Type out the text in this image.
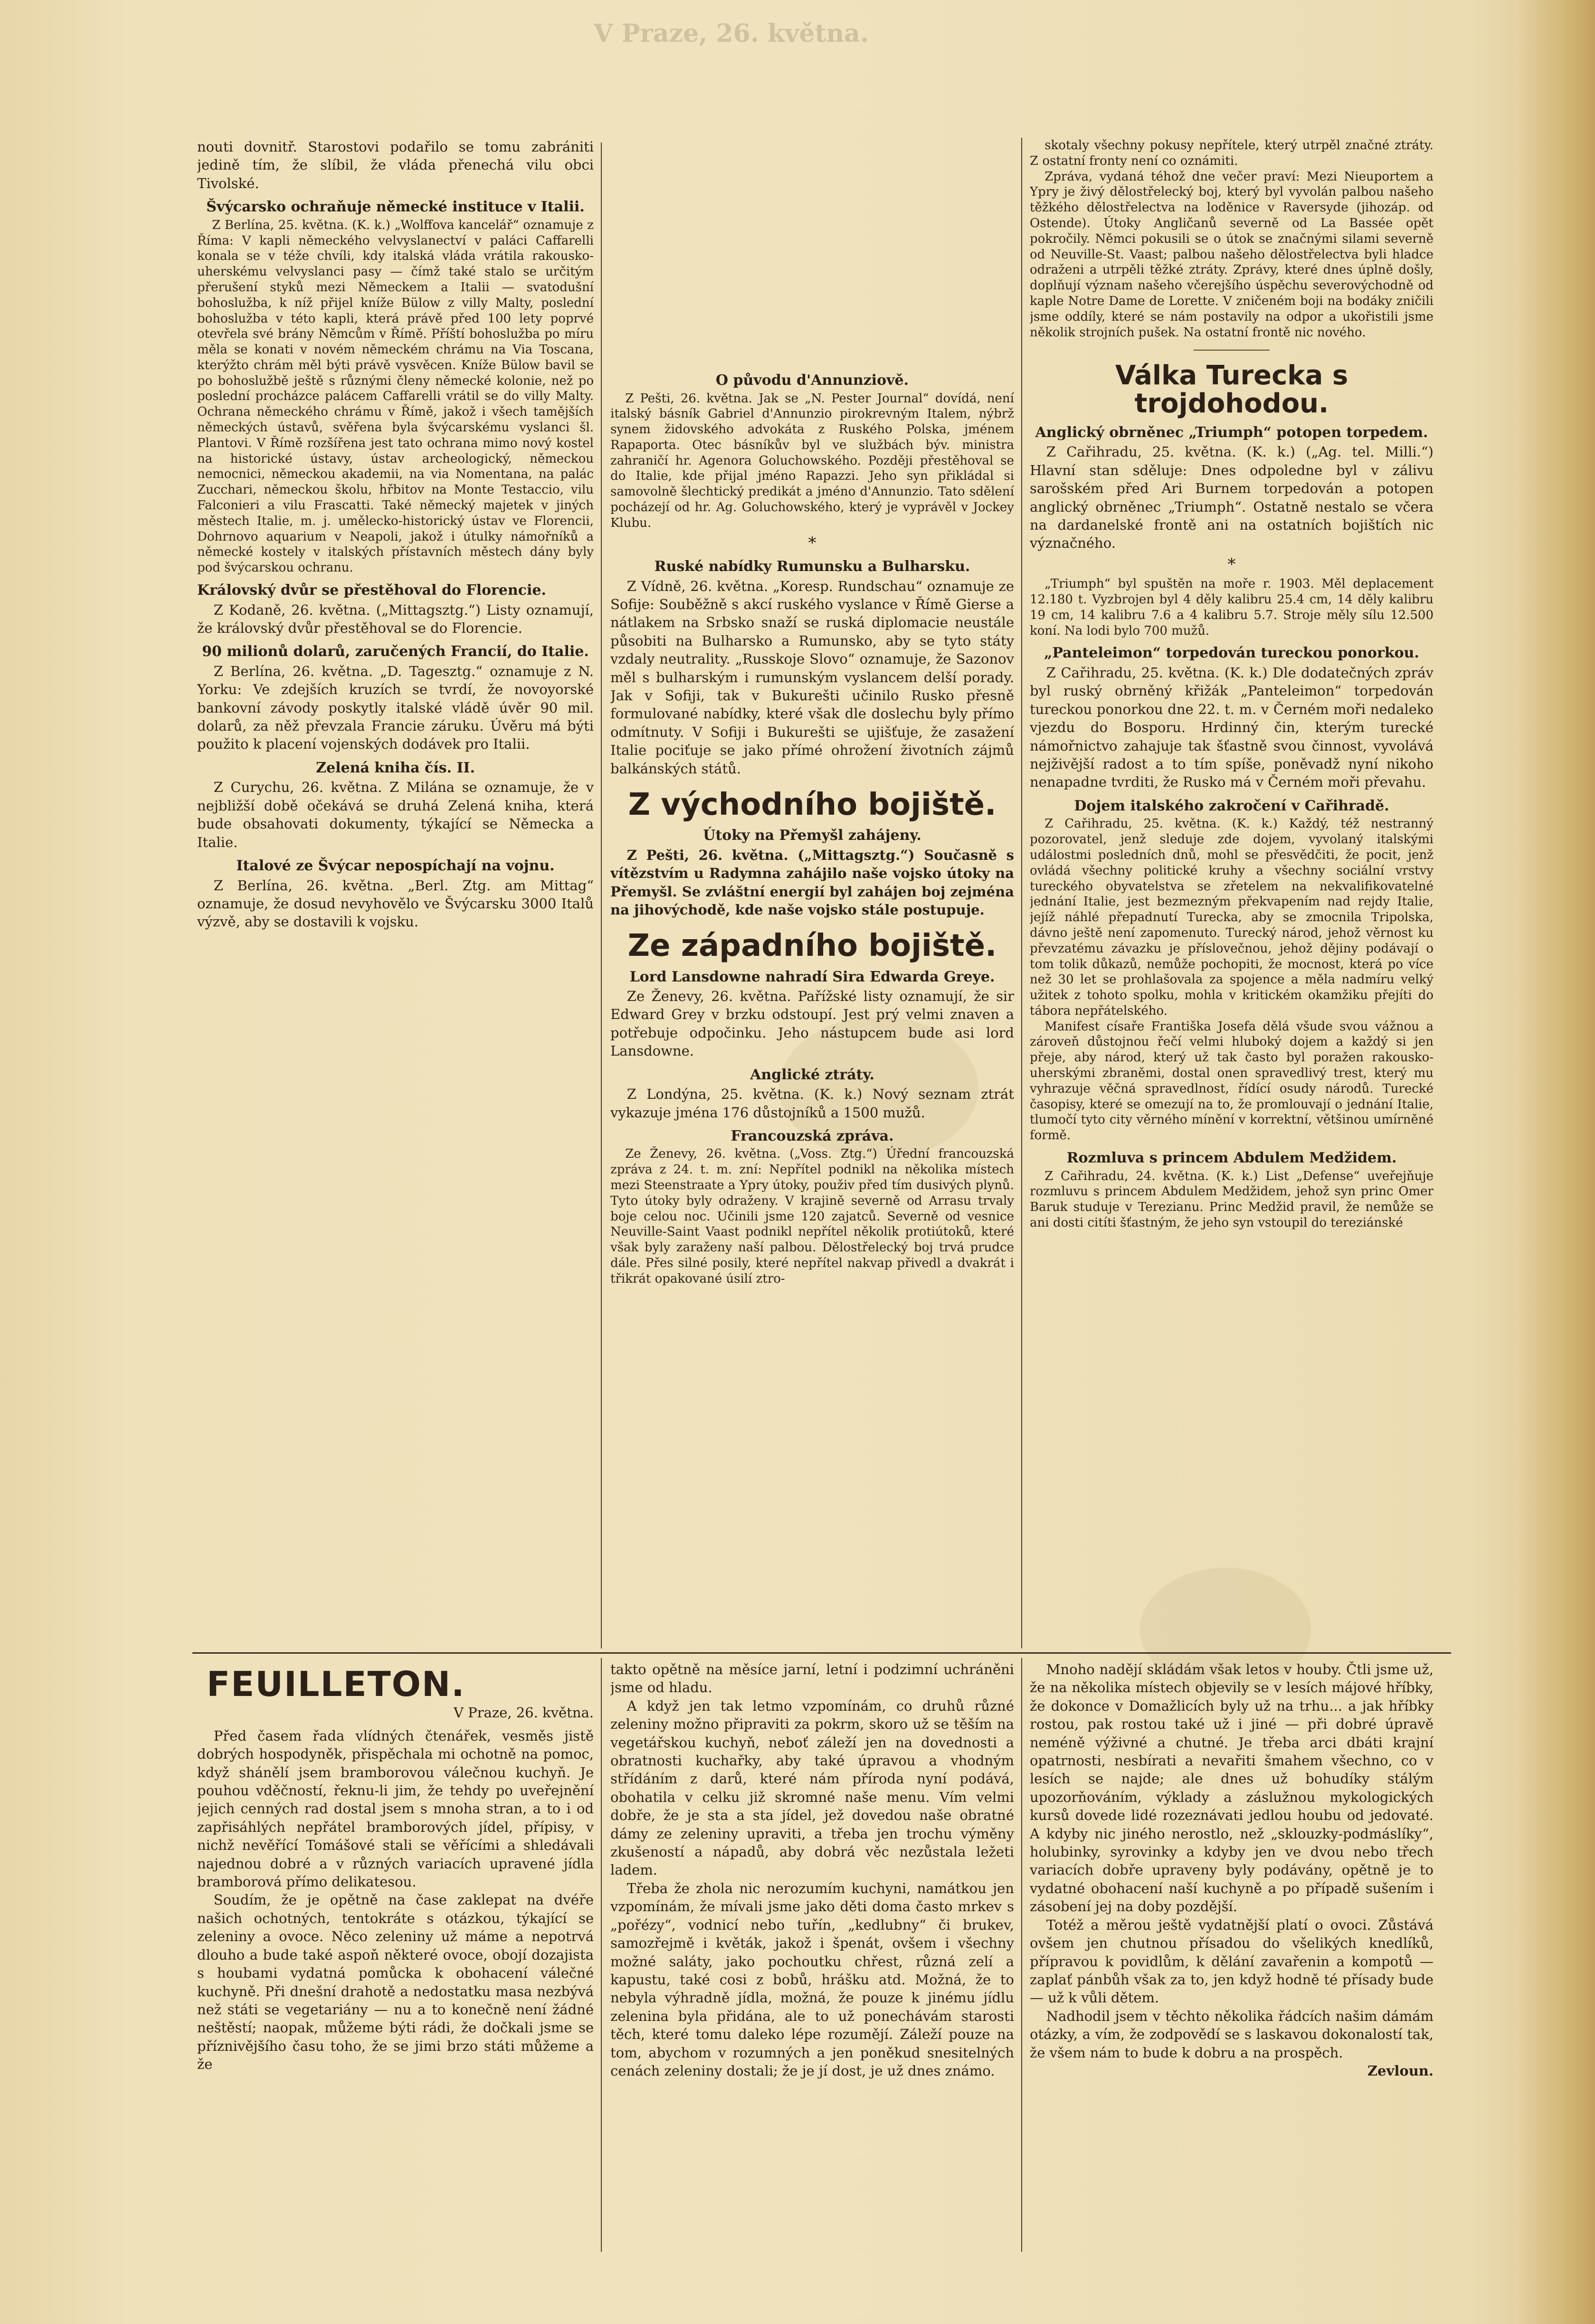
V Praze, 26. května.

nouti dovnitř. Starostovi podařilo se tomu zabrániti jedině tím, že slíbil, že vláda přenechá vilu obci Tivolské.

Švýcarsko ochraňuje německé instituce v Italii.

Z Berlína, 25. května. (K. k.) „Wolffova kancelář“ oznamuje z Říma: V kapli německého velvyslanectví v paláci Caffarelli konala se v téže chvíli, kdy italská vláda vrátila rakousko-uherskému velvyslanci pasy — čímž také stalo se určitým přerušení styků mezi Německem a Italii — svatodušní bohoslužba, k níž přijel kníže Bülow z villy Malty, poslední bohoslužba v této kapli, která právě před 100 lety poprvé otevřela své brány Němcům v Římě. Příští bohoslužba po míru měla se konati v novém německém chrámu na Via Toscana, kterýžto chrám měl býti právě vysvěcen. Kníže Bülow bavil se po bohoslužbě ještě s různými členy německé kolonie, než po poslední procházce palácem Caffarelli vrátil se do villy Malty. Ochrana německého chrámu v Římě, jakož i všech tamějších německých ústavů, svěřena byla švýcarskému vyslanci šl. Plantovi. V Římě rozšířena jest tato ochrana mimo nový kostel na historické ústavy, ústav archeologický, německou nemocnici, německou akademii, na via Nomentana, na palác Zucchari, německou školu, hřbitov na Monte Testaccio, vilu Falconieri a vilu Frascatti. Také německý majetek v jiných městech Italie, m. j. umělecko-historický ústav ve Florencii, Dohrnovo aquarium v Neapoli, jakož i útulky námořníků a německé kostely v italských přístavních městech dány byly pod švýcarskou ochranu.

Královský dvůr se přestěhoval do Florencie.

Z Kodaně, 26. května. („Mittagsztg.“) Listy oznamují, že královský dvůr přestěhoval se do Florencie.

90 milionů dolarů, zaručených Francií, do Italie.

Z Berlína, 26. května. „D. Tagesztg.“ oznamuje z N. Yorku: Ve zdejších kruzích se tvrdí, že novoyorské bankovní závody poskytly italské vládě úvěr 90 mil. dolarů, za něž převzala Francie záruku. Úvěru má býti použito k placení vojenských dodávek pro Italii.

Zelená kniha čís. II.

Z Curychu, 26. května. Z Milána se oznamuje, že v nejbližší době očekává se druhá Zelená kniha, která bude obsahovati dokumenty, týkající se Německa a Italie.

Italové ze Švýcar nepospíchají na vojnu.

Z Berlína, 26. května. „Berl. Ztg. am Mittag“ oznamuje, že dosud nevyhovělo ve Švýcarsku 3000 Italů výzvě, aby se dostavili k vojsku.

O původu d'Annunziově.

Z Pešti, 26. května. Jak se „N. Pester Journal“ dovídá, není italský básník Gabriel d'Annunzio pirokrevným Italem, nýbrž synem židovského advokáta z Ruského Polska, jménem Rapaporta. Otec básníkův byl ve službách býv. ministra zahraničí hr. Agenora Goluchowského. Později přestěhoval se do Italie, kde přijal jméno Rapazzi. Jeho syn přikládal si samovolně šlechtický predikát a jméno d'Annunzio. Tato sdělení pocházejí od hr. Ag. Goluchowského, který je vyprávěl v Jockey Klubu.

*
Ruské nabídky Rumunsku a Bulharsku.

Z Vídně, 26. května. „Koresp. Rundschau“ oznamuje ze Sofije: Souběžně s akcí ruského vyslance v Římě Gierse a nátlakem na Srbsko snaží se ruská diplomacie neustále působiti na Bulharsko a Rumunsko, aby se tyto státy vzdaly neutrality. „Russkoje Slovo“ oznamuje, že Sazonov měl s bulharským i rumunským vyslancem delší porady. Jak v Sofiji, tak v Bukurešti učinilo Rusko přesně formulované nabídky, které však dle doslechu byly přímo odmítnuty. V Sofiji i Bukurešti se ujišťuje, že zasažení Italie pociťuje se jako přímé ohrožení životních zájmů balkánských států.

Z východního bojiště.
Útoky na Přemyšl zahájeny.

Z Pešti, 26. května. („Mittagsztg.“) Současně s vítězstvím u Radymna zahájilo naše vojsko útoky na Přemyšl. Se zvláštní energií byl zahájen boj zejména na jihovýchodě, kde naše vojsko stále postupuje.

Ze západního bojiště.
Lord Lansdowne nahradí Sira Edwarda Greye.

Ze Ženevy, 26. května. Pařížské listy oznamují, že sir Edward Grey v brzku odstoupí. Jest prý velmi znaven a potřebuje odpočinku. Jeho nástupcem bude asi lord Lansdowne.

Anglické ztráty.

Z Londýna, 25. května. (K. k.) Nový seznam ztrát vykazuje jména 176 důstojníků a 1500 mužů.

Francouzská zpráva.

Ze Ženevy, 26. května. („Voss. Ztg.“) Úřední francouzská zpráva z 24. t. m. zní: Nepřítel podnikl na několika místech mezi Steenstraate a Ypry útoky, použiv před tím dusivých plynů. Tyto útoky byly odraženy. V krajině severně od Arrasu trvaly boje celou noc. Učinili jsme 120 zajatců. Severně od vesnice Neuville-Saint Vaast podnikl nepřítel několik protiútoků, které však byly zaraženy naší palbou. Dělostřelecký boj trvá prudce dále. Přes silné posily, které nepřítel nakvap přivedl a dvakrát i třikrát opakované úsilí ztro-

skotaly všechny pokusy nepřítele, který utrpěl značné ztráty. Z ostatní fronty není co oznámiti.

Zpráva, vydaná téhož dne večer praví: Mezi Nieuportem a Ypry je živý dělostřelecký boj, který byl vyvolán palbou našeho těžkého dělostřelectva na loděnice v Raversyde (jihozáp. od Ostende). Útoky Angličanů severně od La Bassée opět pokročily. Němci pokusili se o útok se značnými silami severně od Neuville-St. Vaast; palbou našeho dělostřelectva byli hladce odraženi a utrpěli těžké ztráty. Zprávy, které dnes úplně došly, doplňují význam našeho včerejšího úspěchu severovýchodně od kaple Notre Dame de Lorette. V zničeném boji na bodáky zničili jsme oddíly, které se nám postavily na odpor a ukořistili jsme několik strojních pušek. Na ostatní frontě nic nového.

Válka Turecka s trojdohodou.
Anglický obrněnec „Triumph“ potopen torpedem.

Z Cařihradu, 25. května. (K. k.) („Ag. tel. Milli.“) Hlavní stan sděluje: Dnes odpoledne byl v zálivu sarošském před Ari Burnem torpedován a potopen anglický obrněnec „Triumph“. Ostatně nestalo se včera na dardanelské frontě ani na ostatních bojištích nic význačného.

*

„Triumph“ byl spuštěn na moře r. 1903. Měl deplacement 12.180 t. Vyzbrojen byl 4 děly kalibru 25.4 cm, 14 děly kalibru 19 cm, 14 kalibru 7.6 a 4 kalibru 5.7. Stroje měly sílu 12.500 koní. Na lodi bylo 700 mužů.

„Panteleimon“ torpedován tureckou ponorkou.

Z Cařihradu, 25. května. (K. k.) Dle dodatečných zpráv byl ruský obrněný křižák „Panteleimon“ torpedován tureckou ponorkou dne 22. t. m. v Černém moři nedaleko vjezdu do Bosporu. Hrdinný čin, kterým turecké námořnictvo zahajuje tak šťastně svou činnost, vyvolává nejživější radost a to tím spíše, poněvadž nyní nikoho nenapadne tvrditi, že Rusko má v Černém moři převahu.

Dojem italského zakročení v Cařihradě.

Z Cařihradu, 25. května. (K. k.) Každý, též nestranný pozorovatel, jenž sleduje zde dojem, vyvolaný italskými událostmi posledních dnů, mohl se přesvědčiti, že pocit, jenž ovládá všechny politické kruhy a všechny sociální vrstvy tureckého obyvatelstva se zřetelem na nekvalifikovatelné jednání Italie, jest bezmezným překvapením nad rejdy Italie, jejíž náhlé přepadnutí Turecka, aby se zmocnila Tripolska, dávno ještě není zapomenuto. Turecký národ, jehož věrnost ku převzatému závazku je příslovečnou, jehož dějiny podávají o tom tolik důkazů, nemůže pochopiti, že mocnost, která po více než 30 let se prohlašovala za spojence a měla nadmíru velký užitek z tohoto spolku, mohla v kritickém okamžiku přejíti do tábora nepřátelského.

Manifest císaře Františka Josefa dělá všude svou vážnou a zároveň důstojnou řečí velmi hluboký dojem a každý si jen přeje, aby národ, který už tak často byl poražen rakousko-uherskými zbraněmi, dostal onen spravedlivý trest, který mu vyhrazuje věčná spravedlnost, řídící osudy národů. Turecké časopisy, které se omezují na to, že promlouvají o jednání Italie, tlumočí tyto city věrného mínění v korrektní, většinou umírněné formě.

Rozmluva s princem Abdulem Medžidem.

Z Cařihradu, 24. května. (K. k.) List „Defense“ uveřejňuje rozmluvu s princem Abdulem Medžidem, jehož syn princ Omer Baruk studuje v Terezianu. Princ Medžid pravil, že nemůže se ani dosti citíti šťastným, že jeho syn vstoupil do tereziánské

FEUILLETON.
V Praze, 26. května.

Před časem řada vlídných čtenářek, vesměs jistě dobrých hospodyněk, přispěchala mi ochotně na pomoc, když shánělí jsem bramborovou válečnou kuchyň. Je pouhou vděčností, řeknu-li jim, že tehdy po uveřejnění jejich cenných rad dostal jsem s mnoha stran, a to i od zapřisáhlých nepřátel bramborových jídel, přípisy, v nichž nevěřící Tomášové stali se věřícími a shledávali najednou dobré a v různých variacích upravené jídla bramborová přímo delikatesou.

Soudím, že je opětně na čase zaklepat na dvéře našich ochotných, tentokráte s otázkou, týkající se zeleniny a ovoce. Něco zeleniny už máme a nepotrvá dlouho a bude také aspoň některé ovoce, obojí dozajista s houbami vydatná pomůcka k obohacení válečné kuchyně. Při dnešní drahotě a nedostatku masa nezbývá než státi se vegetariány — nu a to konečně není žádné neštěstí; naopak, můžeme býti rádi, že dočkali jsme se příznivějšího času toho, že se jimi brzo státi můžeme a že

takto opětně na měsíce jarní, letní i podzimní uchráněni jsme od hladu.

A když jen tak letmo vzpomínám, co druhů různé zeleniny možno připraviti za pokrm, skoro už se těším na vegetářskou kuchyň, neboť záleží jen na dovednosti a obratnosti kuchařky, aby také úpravou a vhodným střídáním z darů, které nám příroda nyní podává, obohatila v celku již skromné naše menu. Vím velmi dobře, že je sta a sta jídel, jež dovedou naše obratné dámy ze zeleniny upraviti, a třeba jen trochu výměny zkušeností a nápadů, aby dobrá věc nezůstala ležeti ladem.

Třeba že zhola nic nerozumím kuchyni, namátkou jen vzpomínám, že mívali jsme jako děti doma často mrkev s „pořézy“, vodnicí nebo tuřín, „kedlubny“ či brukev, samozřejmě i květák, jakož i špenát, ovšem i všechny možné saláty, jako pochoutku chřest, různá zelí a kapustu, také cosi z bobů, hrášku atd. Možná, že to nebyla výhradně jídla, možná, že pouze k jinému jídlu zelenina byla přidána, ale to už ponechávám starosti těch, které tomu daleko lépe rozumějí. Záleží pouze na tom, abychom v rozumných a jen poněkud snesitelných cenách zeleniny dostali; že je jí dost, je už dnes známo.

Mnoho nadějí skládám však letos v houby. Čtli jsme už, že na několika místech objevily se v lesích májové hříbky, že dokonce v Domažlicích byly už na trhu... a jak hříbky rostou, pak rostou také už i jiné — při dobré úpravě neméně výživné a chutné. Je třeba arci dbáti krajní opatrnosti, nesbírati a nevařiti šmahem všechno, co v lesích se najde; ale dnes už bohudíky stálým upozorňováním, výklady a záslužnou mykologických kursů dovede lidé rozeznávati jedlou houbu od jedovaté. A kdyby nic jiného nerostlo, než „sklouzky-podmáslíky“, holubinky, syrovinky a kdyby jen ve dvou nebo třech variacích dobře upraveny byly podávány, opětně je to vydatné obohacení naší kuchyně a po případě sušením i zásobení jej na doby pozdější.

Totéž a měrou ještě vydatnější platí o ovoci. Zůstává ovšem jen chutnou přísadou do všelikých knedlíků, přípravou k povidlům, k dělání zavařenin a kompotů — zaplať pánbůh však za to, jen když hodně té přísady bude — už k vůli dětem.

Nadhodil jsem v těchto několika řádcích našim dámám otázky, a vím, že zodpovědí se s laskavou dokonalostí tak, že všem nám to bude k dobru a na prospěch.

Zevloun.
